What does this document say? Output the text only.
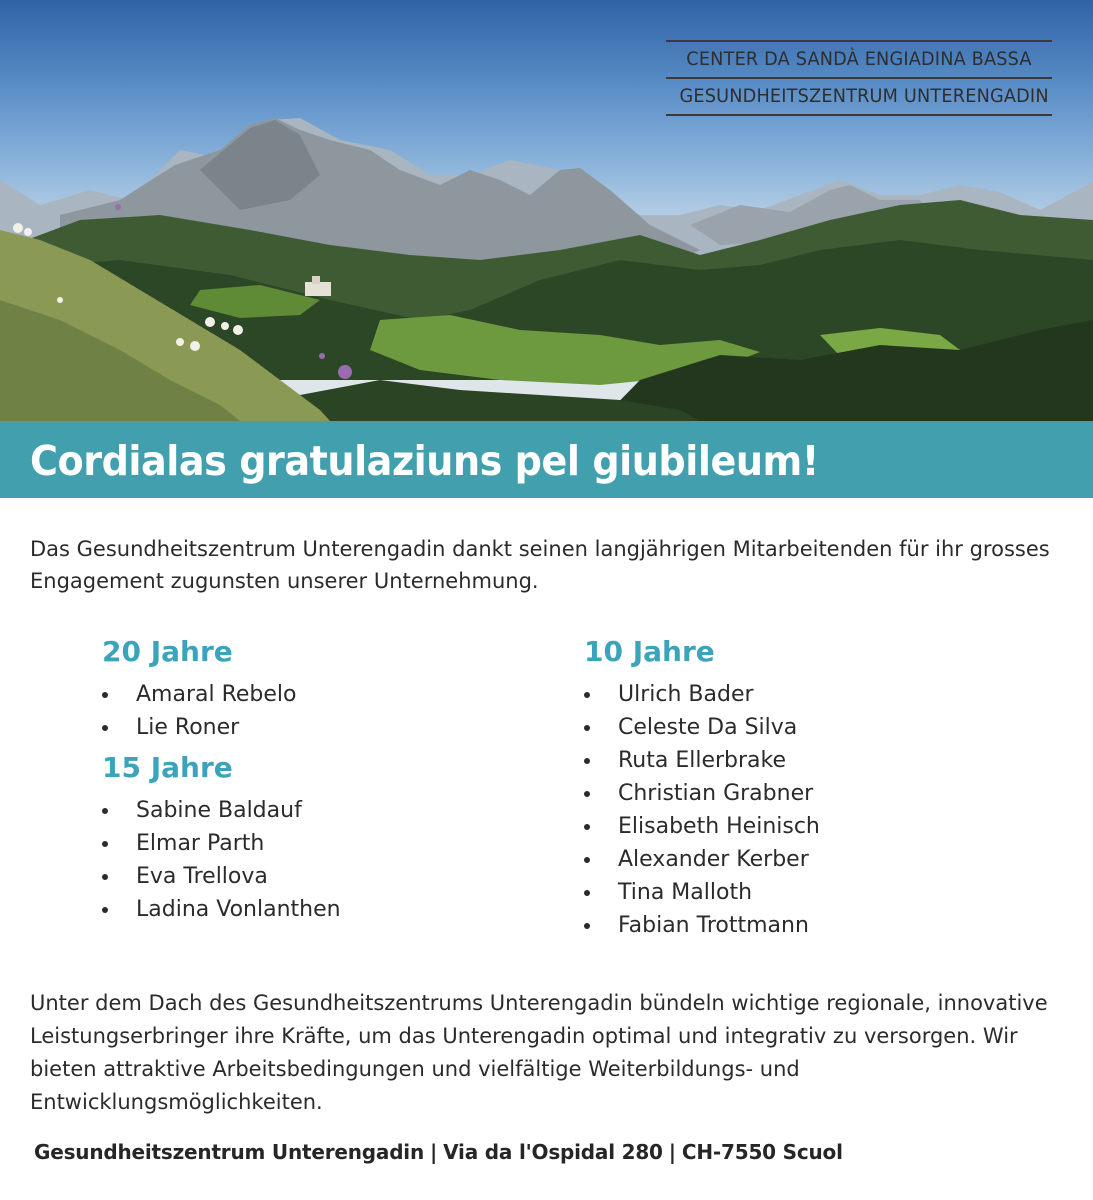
CENTER DA SANDÀ ENGIADINA BASSA
GESUNDHEITSZENTRUM UNTERENGADIN
Cordialas gratulaziuns pel giubileum!

Das Gesundheitszentrum Unterengadin dankt seinen langjährigen Mitarbeitenden für ihr grosses Engagement zugunsten unserer Unternehmung.

20 Jahre
Amaral Rebelo
Lie Roner
15 Jahre
Sabine Baldauf
Elmar Parth
Eva Trellova
Ladina Vonlanthen
10 Jahre
Ulrich Bader
Celeste Da Silva
Ruta Ellerbrake
Christian Grabner
Elisabeth Heinisch
Alexander Kerber
Tina Malloth
Fabian Trottmann

Unter dem Dach des Gesundheitszentrums Unterengadin bündeln wichtige regionale, innovative Leistungserbringer ihre Kräfte, um das Unterengadin optimal und integrativ zu versorgen. Wir bieten attraktive Arbeitsbedingungen und vielfältige Weiterbildungs- und Entwicklungsmöglichkeiten.

Gesundheitszentrum Unterengadin | Via da l'Ospidal 280 | CH-7550 Scuol
